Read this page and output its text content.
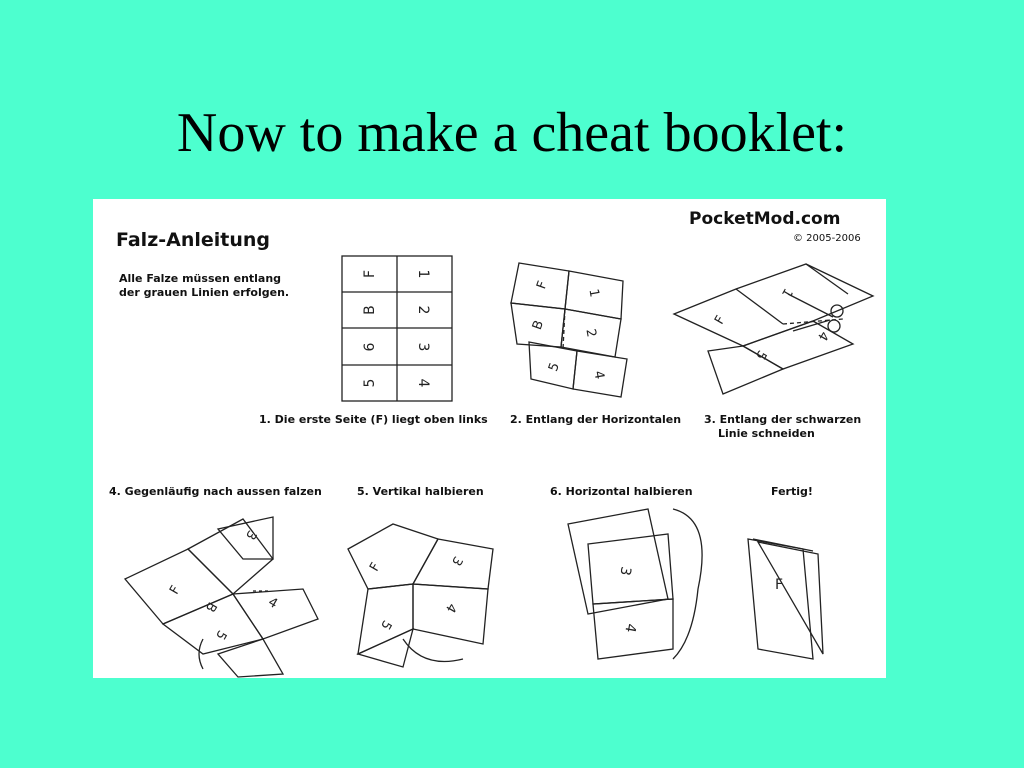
Now to make a cheat booklet:
F	1
B	2
6	3
5	4
F
1
B
2
5
4
F
1
4
5
F
3
4
B
5
F	3
4
5
3
4
F
Falz-Anleitung
PocketMod.com
© 2005-2006
Alle Falze müssen entlang
der grauen Linien erfolgen.
1. Die erste Seite (F) liegt oben links 2. Entlang der Horizontalen 3. Entlang der schwarzen
Linie schneiden
4. Gegenläufig nach aussen falzen	5. Vertikal halbieren	6. Horizontal halbieren	Fertig!
